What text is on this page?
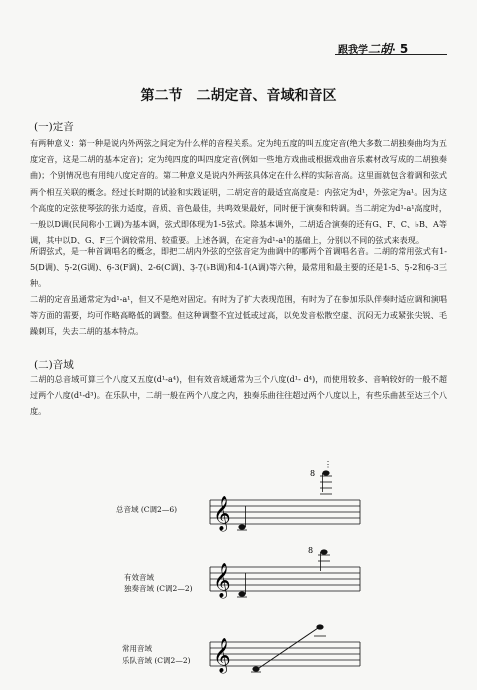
跟我学二胡· 5
第二节　二胡定音、音域和音区
(一)定音
有两种意义：第一种是说内外两弦之间定为什么样的音程关系。定为纯五度的叫五度定音(绝大多数二胡独奏曲均为五度定音，这是二胡的基本定音)；定为纯四度的叫四度定音(例如一些地方戏曲或根据戏曲音乐素材改写成的二胡独奏曲)；个别情况也有用纯八度定音的。第二种意义是说内外两弦具体定在什么样的实际音高。这里面就包含着调和弦式两个相互关联的概念。经过长时期的试验和实践证明，二胡定音的最适宜高度是：内弦定为d¹，外弦定为a¹。因为这个高度的定弦使琴弦的张力适度，音质、音色最佳，共鸣效果最好，同时便于演奏和转调。当二胡定为d¹-a¹高度时，一般以D调(民间称小工调)为基本调，弦式即体现为1-5弦式。除基本调外，二胡适合演奏的还有G、F、C、♭B、A等调，其中以D、G、F三个调较常用、较重要。上述各调，在定音为d¹-a¹的基础上，分别以不同的弦式来表现。
所谓弦式，是一种首调唱名的概念，即把二胡内外弦的空弦音定为曲调中的哪两个首调唱名音。二胡的常用弦式有1-5(D调)、5̣-2(G调)、6̣-3(F调)、2-6(C调)、3̣-7̣(♭B调)和4-1(A调)等六种，最常用和最主要的还是1-5、5̣-2和6̣-3三种。
二胡的定音虽通常定为d¹-a¹，但又不是绝对固定。有时为了扩大表现范围，有时为了在参加乐队伴奏时适应调和演唱等方面的需要，均可作略高略低的调整。但这种调整不宜过低或过高，以免发音松散空虚、沉闷无力或紧张尖锐、毛躁刺耳，失去二胡的基本特点。
(二)音域
二胡的总音域可算三个八度又五度(d¹-a⁴)，但有效音域通常为三个八度(d¹- d⁴)，而使用较多、音响较好的一般不超过两个八度(d¹-d³)。在乐队中，二胡一般在两个八度之内，独奏乐曲往往超过两个八度以上，有些乐曲甚至达三个八度。
总音域 (C调2—6) 𝄞
8
⋮
有效音域
独奏音域 (C调2—2) 𝄞
8
常用音域
乐队音域 (C调2—2) 𝄞
